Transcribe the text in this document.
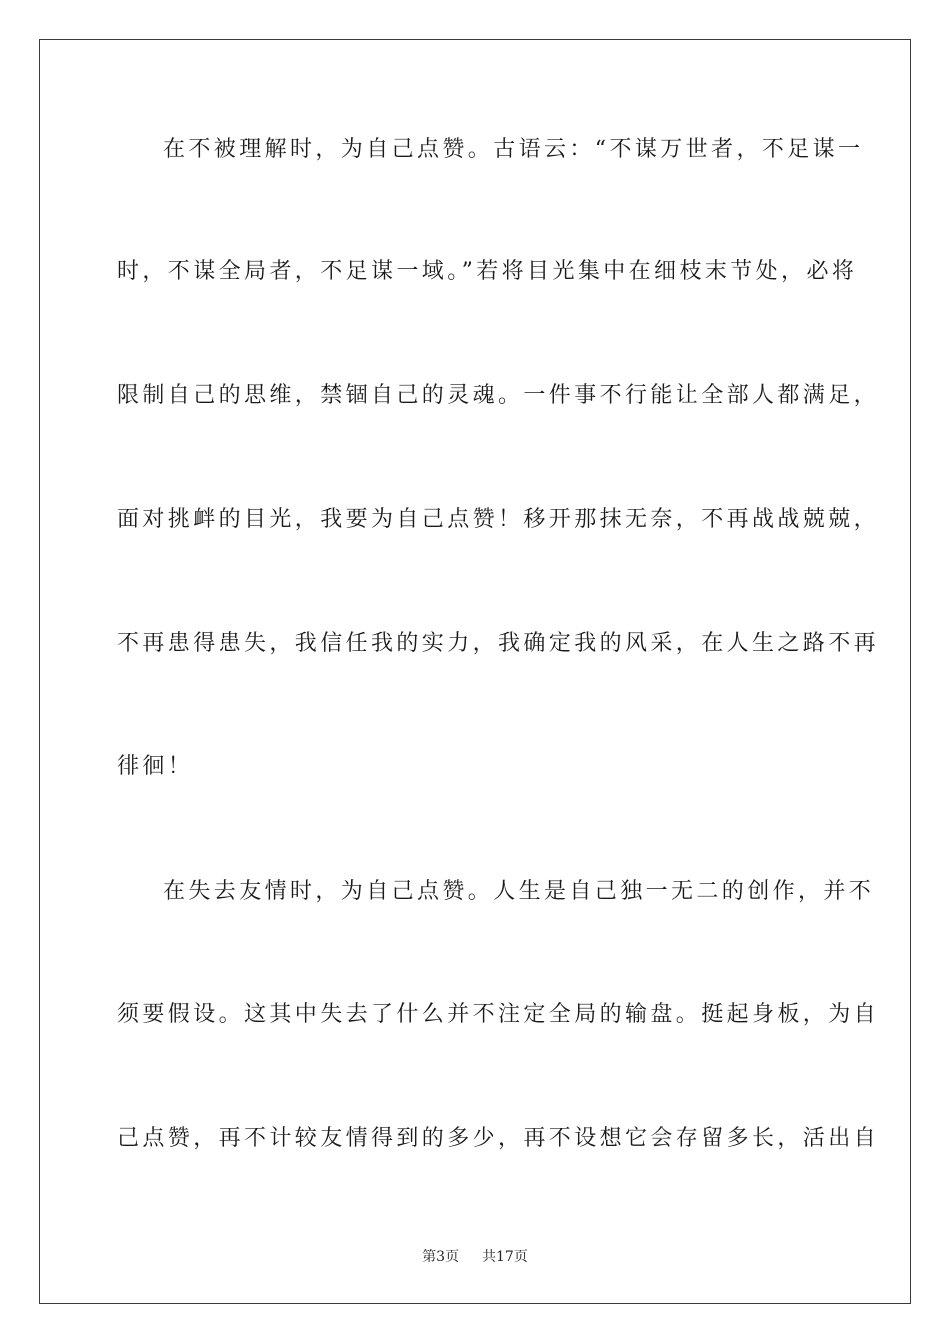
在不被理解时，为自己点赞。古语云：“不谋万世者，不足谋一
时，不谋全局者，不足谋一域。”若将目光集中在细枝末节处，必将
限制自己的思维，禁锢自己的灵魂。一件事不行能让全部人都满足，
面对挑衅的目光，我要为自己点赞！移开那抹无奈，不再战战兢兢，
不再患得患失，我信任我的实力，我确定我的风采，在人生之路不再
徘徊！
在失去友情时，为自己点赞。人生是自己独一无二的创作，并不
须要假设。这其中失去了什么并不注定全局的输盘。挺起身板，为自
己点赞，再不计较友情得到的多少，再不设想它会存留多长，活出自
第3页 共17页
